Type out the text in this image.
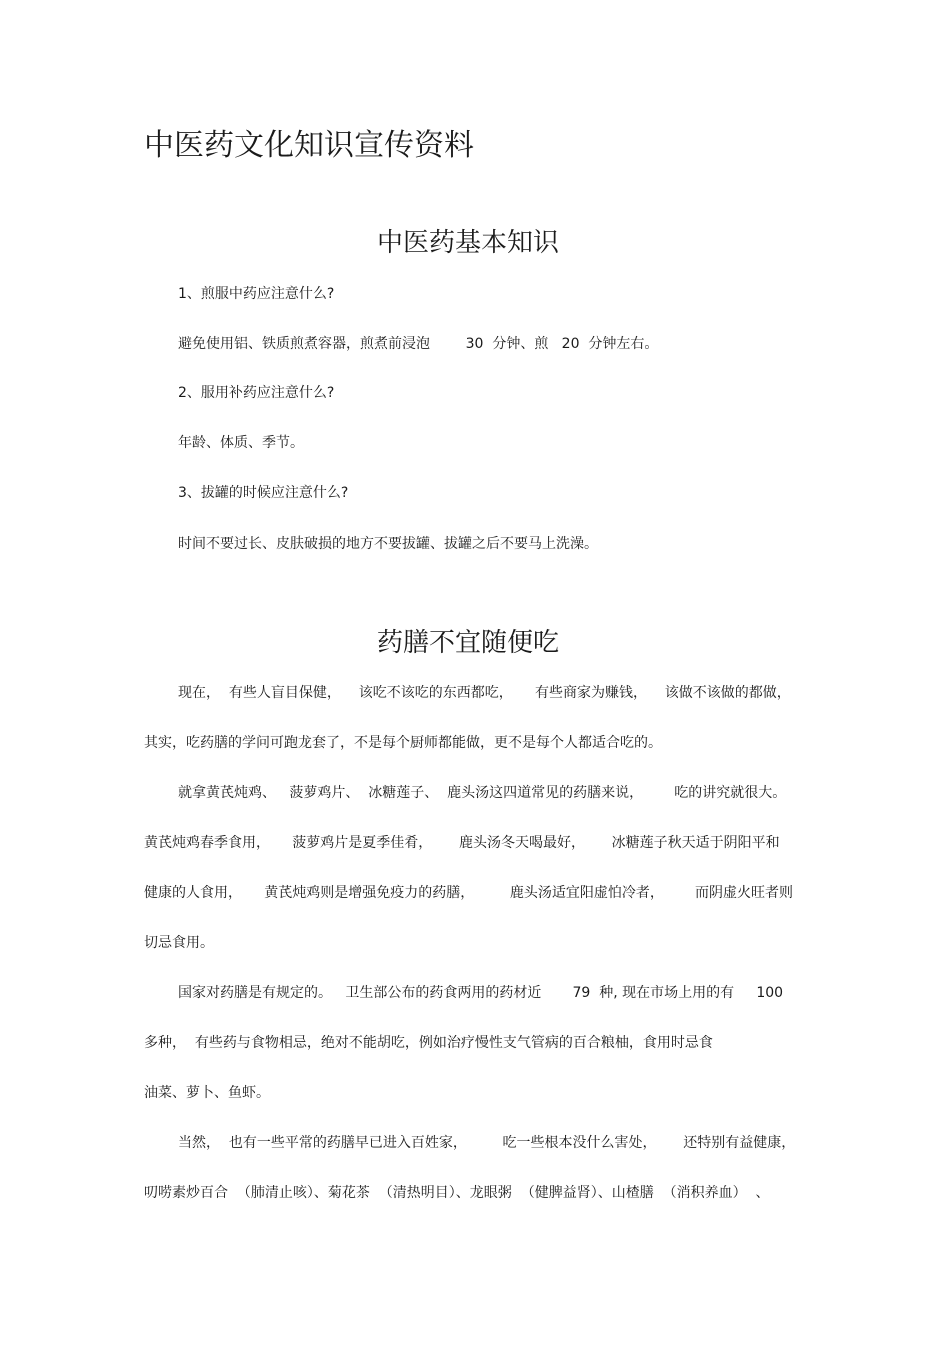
中医药文化知识宣传资料
中医药基本知识

1、煎服中药应注意什么?

避免使用铝、铁质煎煮容器，煎煮前浸泡        30  分钟、煎   20  分钟左右。

2、服用补药应注意什么?

年龄、体质、季节。

3、拔罐的时候应注意什么?

时间不要过长、皮肤破损的地方不要拔罐、拔罐之后不要马上洗澡。

药膳不宜随便吃

现在，  有些人盲目保健，    该吃不该吃的东西都吃，     有些商家为赚钱，    该做不该做的都做，

其实，吃药膳的学问可跑龙套了，不是每个厨师都能做，更不是每个人都适合吃的。

就拿黄芪炖鸡、   菠萝鸡片、  冰糖莲子、  鹿头汤这四道常见的药膳来说，       吃的讲究就很大。

黄芪炖鸡春季食用，     菠萝鸡片是夏季佳肴，      鹿头汤冬天喝最好，      冰糖莲子秋天适于阴阳平和

健康的人食用，     黄芪炖鸡则是增强免疫力的药膳，        鹿头汤适宜阳虚怕冷者，       而阴虚火旺者则

切忌食用。

国家对药膳是有规定的。   卫生部公布的药食两用的药材近       79  种, 现在市场上用的有     100

多种，  有些药与食物相忌，绝对不能胡吃，例如治疗慢性支气管病的百合粮柚，食用时忌食

油菜、萝卜、鱼虾。

当然，  也有一些平常的药膳早已进入百姓家，        吃一些根本没什么害处，      还特别有益健康，

叨唠素炒百合  （肺清止咳）、菊花茶  （清热明目）、龙眼粥  （健脾益肾）、山楂膳  （消积养血）  、
